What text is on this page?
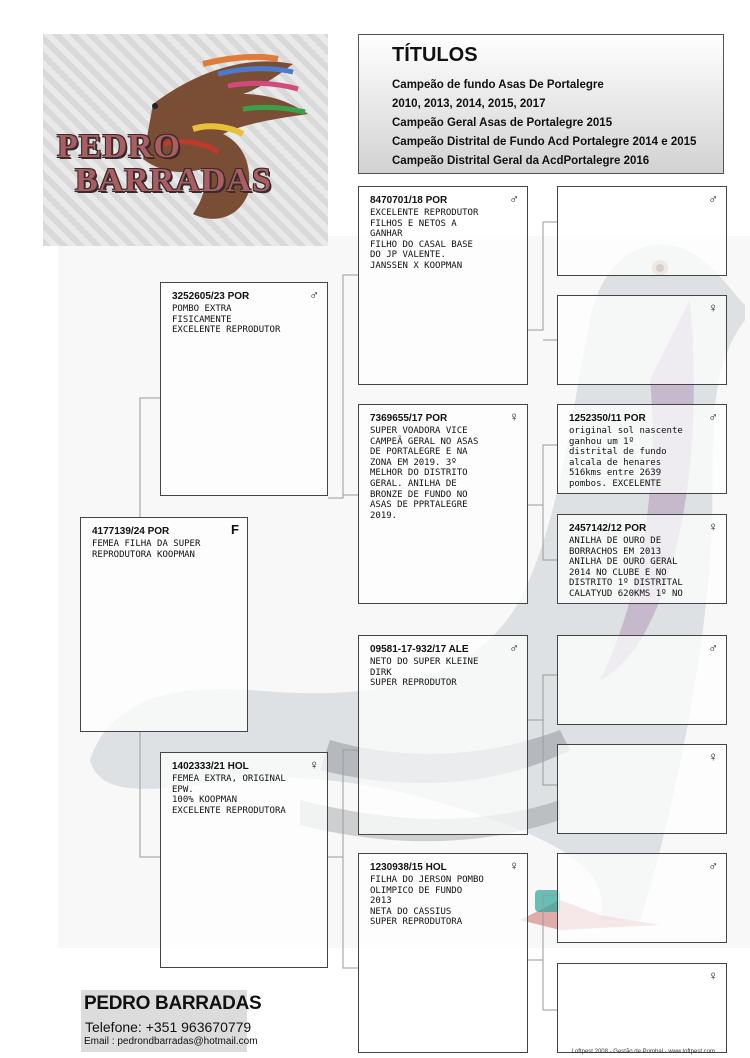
PEDRO
BARRADAS
TÍTULOS
Campeão de fundo Asas De Portalegre
2010, 2013, 2014, 2015, 2017
Campeão Geral Asas de Portalegre 2015
Campeão Distrital de Fundo Acd Portalegre 2014 e 2015
Campeão Distrital Geral da AcdPortalegre 2016
4177139/24 POR	F

FEMEA FILHA DA SUPER
REPRODUTORA KOOPMAN

3252605/23 POR	♂

POMBO EXTRA
FISICAMENTE
EXCELENTE REPRODUTOR

1402333/21 HOL	♀

FEMEA EXTRA, ORIGINAL
EPW.
100% KOOPMAN
EXCELENTE REPRODUTORA

8470701/18 POR	♂

EXCELENTE REPRODUTOR
FILHOS E NETOS A
GANHAR
FILHO DO CASAL BASE
DO JP VALENTE.
JANSSEN X KOOPMAN

7369655/17 POR	♀

SUPER VOADORA VICE
CAMPEÃ GERAL NO ASAS
DE PORTALEGRE E NA
ZONA EM 2019. 3º
MELHOR DO DISTRITO
GERAL. ANILHA DE
BRONZE DE FUNDO NO
ASAS DE PPRTALEGRE
2019.

09581-17-932/17 ALE	♂

NETO DO SUPER KLEINE
DIRK
SUPER REPRODUTOR

1230938/15 HOL	♀

FILHA DO JERSON POMBO
OLIMPICO DE FUNDO
2013
NETA DO CASSIUS
SUPER REPRODUTORA

♂

♀

1252350/11 POR	♂

original sol nascente
ganhou um 1º
distrital de fundo
alcala de henares
516kms entre 2639
pombos. EXCELENTE

2457142/12 POR	♀

ANILHA DE OURO DE
BORRACHOS EM 2013
ANILHA DE OURO GERAL
2014 NO CLUBE E NO
DISTRITO 1º DISTRITAL
CALATYUD 620KMS 1º NO

♂

♀

♂

♀

PEDRO BARRADAS
Telefone: +351 963670779
Email : pedrondbarradas@hotmail.com
Loftpest 2008 - Gestão de Pombal - www.loftpest.com
